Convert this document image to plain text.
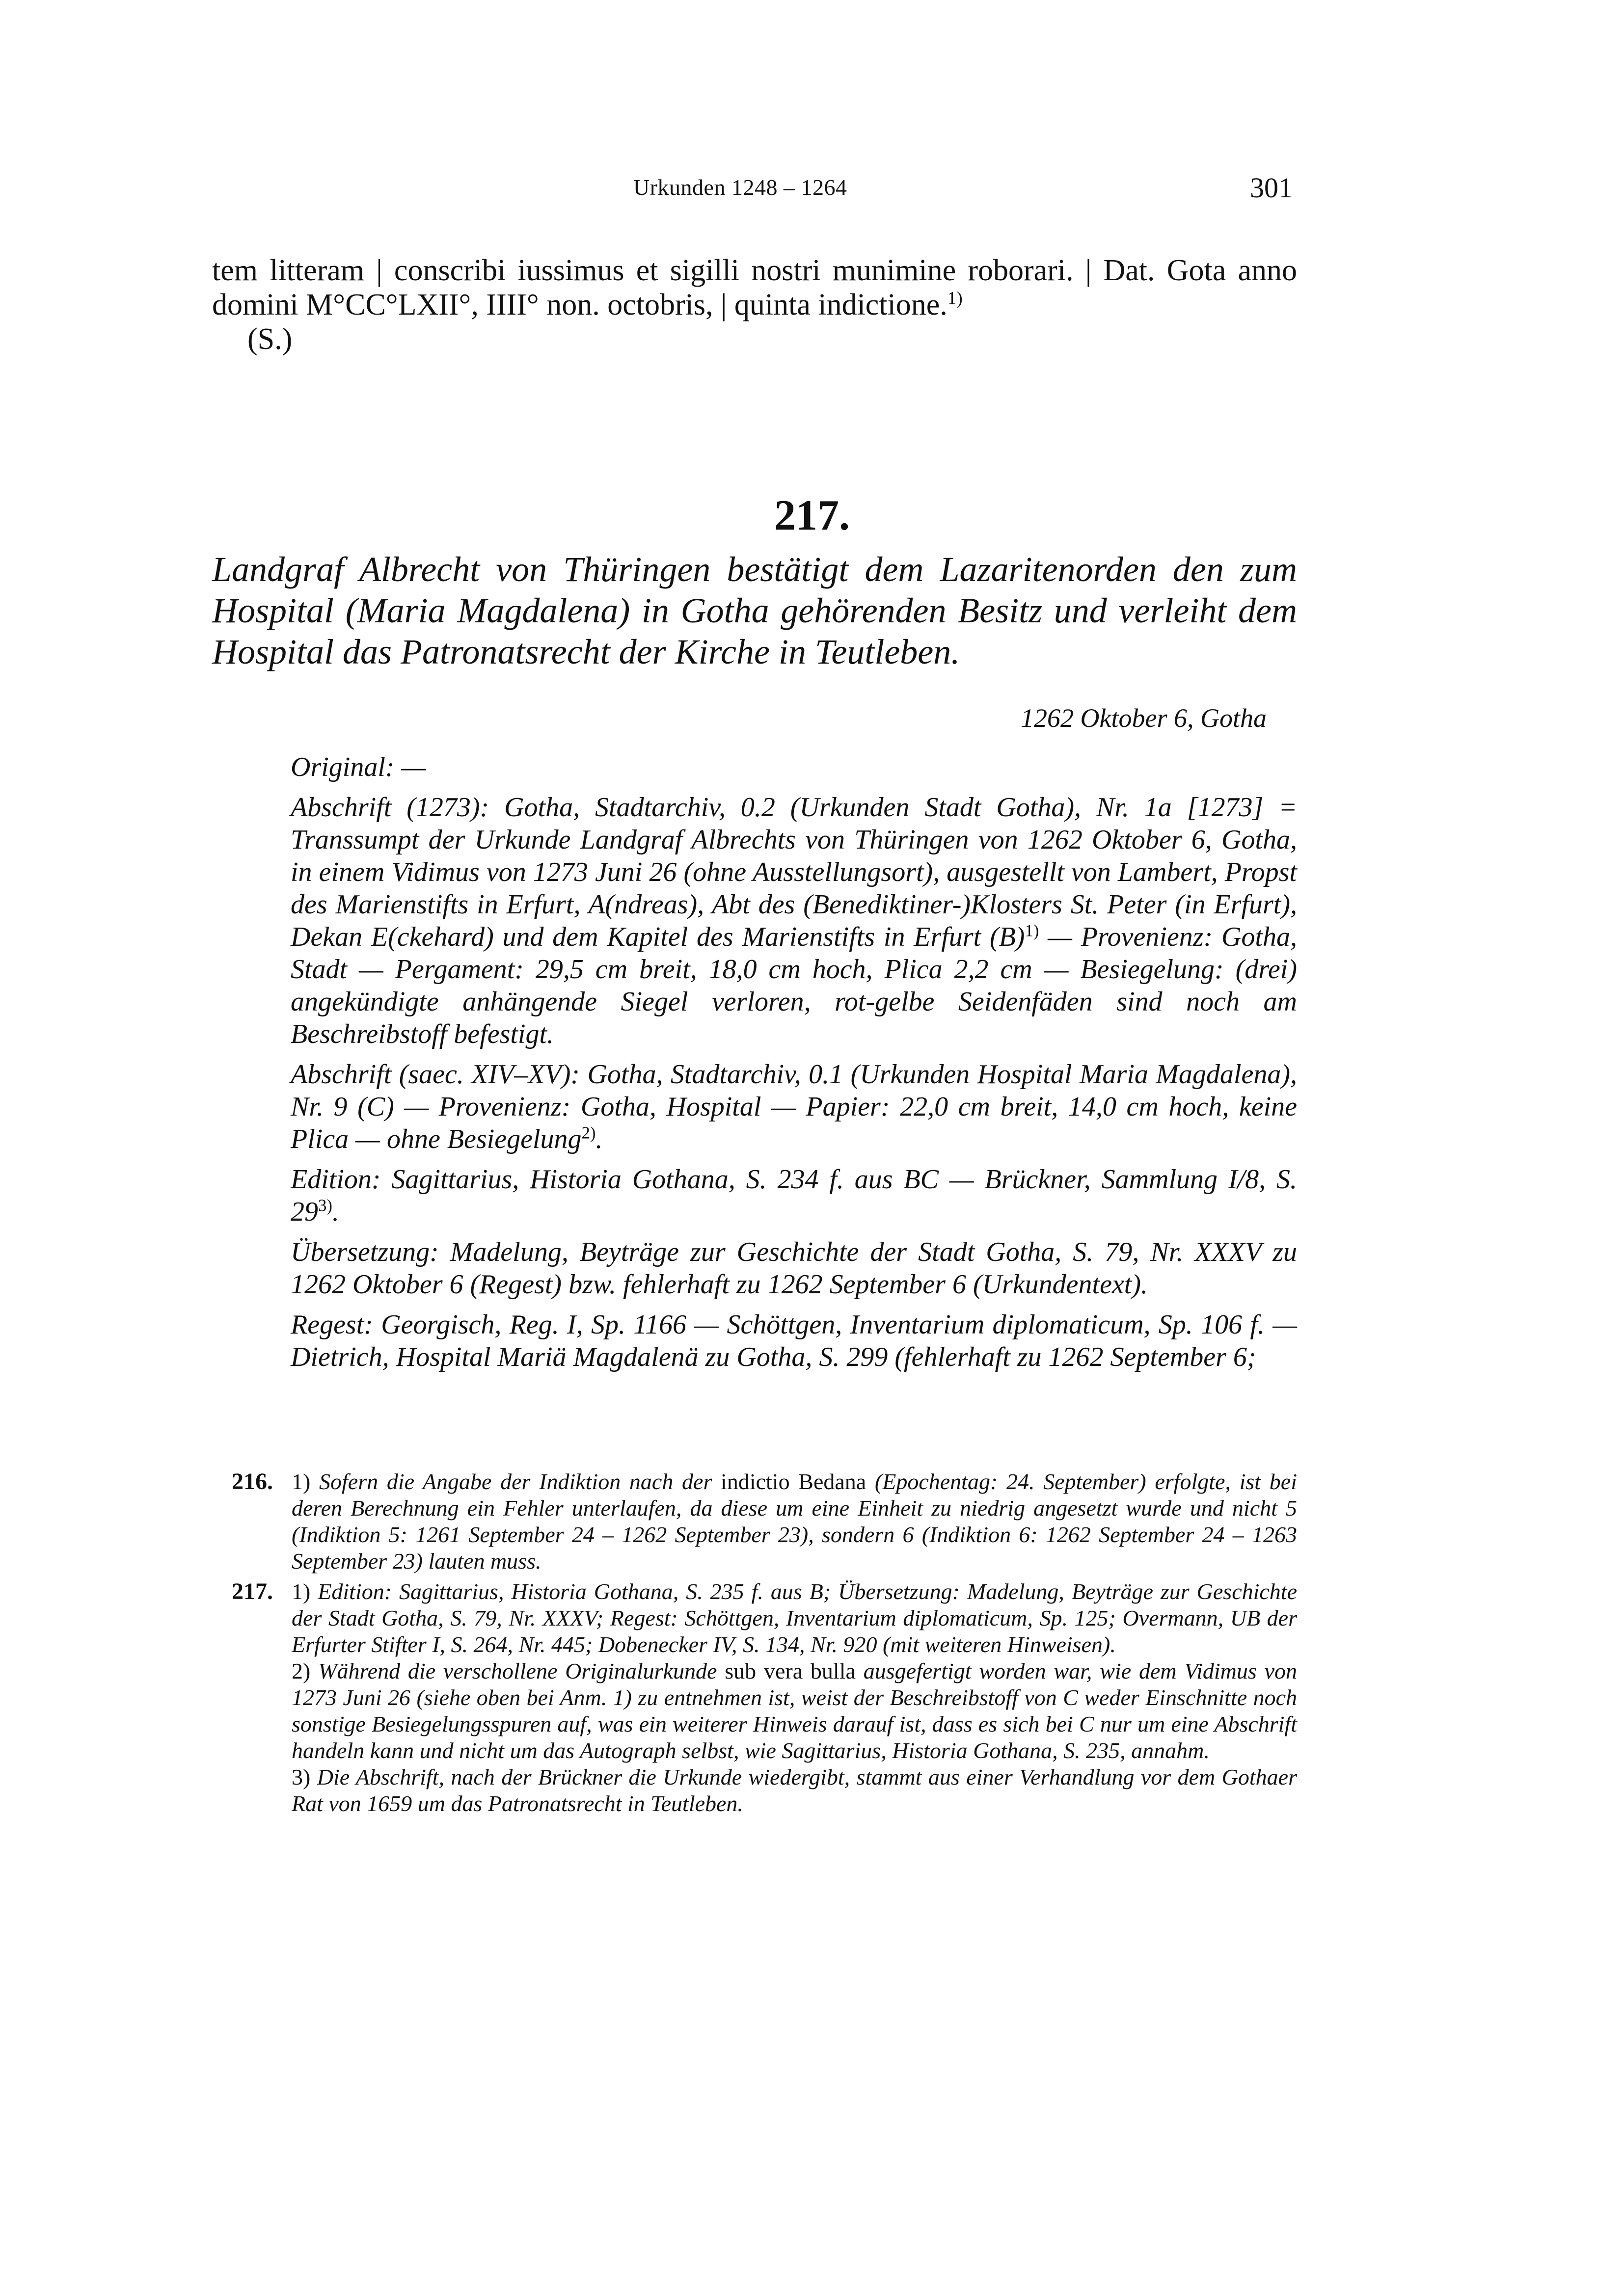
Urkunden 1248 – 1264	301

tem litteram | conscribi iussimus et sigilli nostri munimine roborari. | Dat. Gota anno domini M°CC°LXII°, IIII° non. octobris, | quinta indictione.$^{1)}$

(S.)

217.
Landgraf Albrecht von Thüringen bestätigt dem Lazaritenorden den zum Hospital (Maria Magdalena) in Gotha gehörenden Besitz und verleiht dem Hospital das Patronatsrecht der Kirche in Teutleben.
1262 Oktober 6, Gotha

Original: —

Abschrift (1273): Gotha, Stadtarchiv, 0.2 (Urkunden Stadt Gotha), Nr. 1a [1273] = Transsumpt der Urkunde Landgraf Albrechts von Thüringen von 1262 Oktober 6, Gotha, in einem Vidimus von 1273 Juni 26 (ohne Ausstellungsort), ausgestellt von Lambert, Propst des Marienstifts in Erfurt, A(ndreas), Abt des (Benediktiner-)Klosters St. Peter (in Erfurt), Dekan E(ckehard) und dem Kapitel des Marienstifts in Erfurt $(B)^{1)}$ — Provenienz: Gotha, Stadt — Pergament: 29,5 cm breit, 18,0 cm hoch, Plica 2,2 cm — Besiegelung: (drei) angekündigte anhängende Siegel verloren, rot-gelbe Seidenfäden sind noch am Beschreibstoff befestigt.

Abschrift (saec. XIV–XV): Gotha, Stadtarchiv, 0.1 (Urkunden Hospital Maria Magdalena), Nr. 9 (C) — Provenienz: Gotha, Hospital — Papier: 22,0 cm breit, 14,0 cm hoch, keine Plica — ohne Besiegelung$^{2)}$.

Edition: Sagittarius, Historia Gothana, S. 234 f. aus BC — Brückner, Sammlung I/8, S. 29$^{3)}$.

Übersetzung: Madelung, Beyträge zur Geschichte der Stadt Gotha, S. 79, Nr. XXXV zu 1262 Oktober 6 (Regest) bzw. fehlerhaft zu 1262 September 6 (Urkundentext).

Regest: Georgisch, Reg. I, Sp. 1166 — Schöttgen, Inventarium diplomaticum, Sp. 106 f. — Dietrich, Hospital Mariä Magdalenä zu Gotha, S. 299 (fehlerhaft zu 1262 September 6;

216. 1) Sofern die Angabe der Indiktion nach der indictio Bedana (Epochentag: 24. September) erfolgte, ist bei deren Berechnung ein Fehler unterlaufen, da diese um eine Einheit zu niedrig angesetzt wurde und nicht 5 (Indiktion 5: 1261 September 24 – 1262 September 23), sondern 6 (Indiktion 6: 1262 September 24 – 1263 September 23) lauten muss.

217. 1) Edition: Sagittarius, Historia Gothana, S. 235 f. aus B; Übersetzung: Madelung, Beyträge zur Geschichte der Stadt Gotha, S. 79, Nr. XXXV; Regest: Schöttgen, Inventarium diplomaticum, Sp. 125; Overmann, UB der Erfurter Stifter I, S. 264, Nr. 445; Dobenecker IV, S. 134, Nr. 920 (mit weiteren Hinweisen).

2) Während die verschollene Originalurkunde sub vera bulla ausgefertigt worden war, wie dem Vidimus von 1273 Juni 26 (siehe oben bei Anm. 1) zu entnehmen ist, weist der Beschreibstoff von C weder Einschnitte noch sonstige Besiegelungsspuren auf, was ein weiterer Hinweis darauf ist, dass es sich bei C nur um eine Abschrift handeln kann und nicht um das Autograph selbst, wie Sagittarius, Historia Gothana, S. 235, annahm.

3) Die Abschrift, nach der Brückner die Urkunde wiedergibt, stammt aus einer Verhandlung vor dem Gothaer Rat von 1659 um das Patronatsrecht in Teutleben.
